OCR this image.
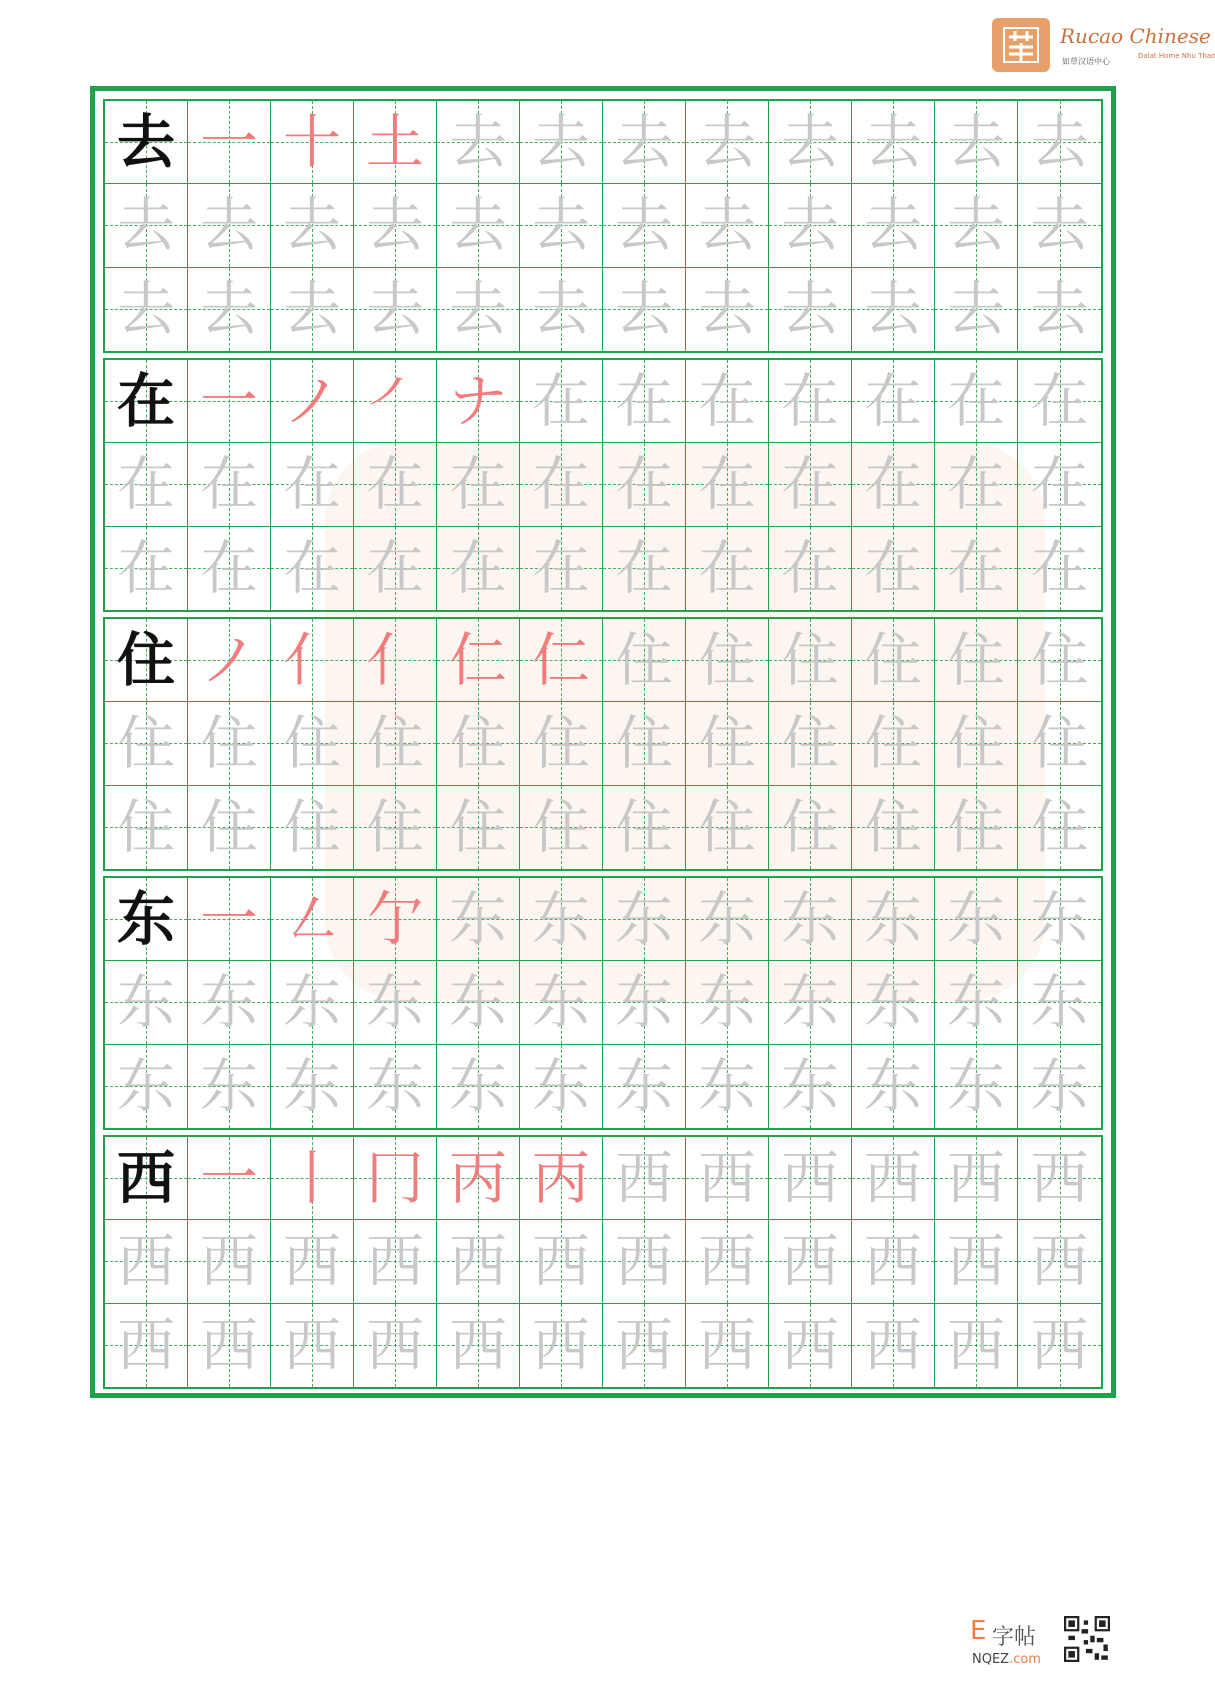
Rucao Chinese
如草汉语中心
Dalat Home Nhu Thao
去 一 十 土 去 去 去 去 去 去 去 去
去 去 去 去 去 去 去 去 去 去 去 去
去 去 去 去 去 去 去 去 去 去 去 去
在 一 ノ ㇒ ナ 在 在 在 在 在 在 在
在 在 在 在 在 在 在 在 在 在 在 在
在 在 在 在 在 在 在 在 在 在 在 在
住 ノ 亻 亻 仁 仁 住 住 住 住 住 住
住 住 住 住 住 住 住 住 住 住 住 住
住 住 住 住 住 住 住 住 住 住 住 住
东 一 ㇜ 亇 东 东 东 东 东 东 东 东
东 东 东 东 东 东 东 东 东 东 东 东
东 东 东 东 东 东 东 东 东 东 东 东
西 一 丨 冂 丙 丙 西 西 西 西 西 西
西 西 西 西 西 西 西 西 西 西 西 西
西 西 西 西 西 西 西 西 西 西 西 西
E 字帖
NQEZ.com
